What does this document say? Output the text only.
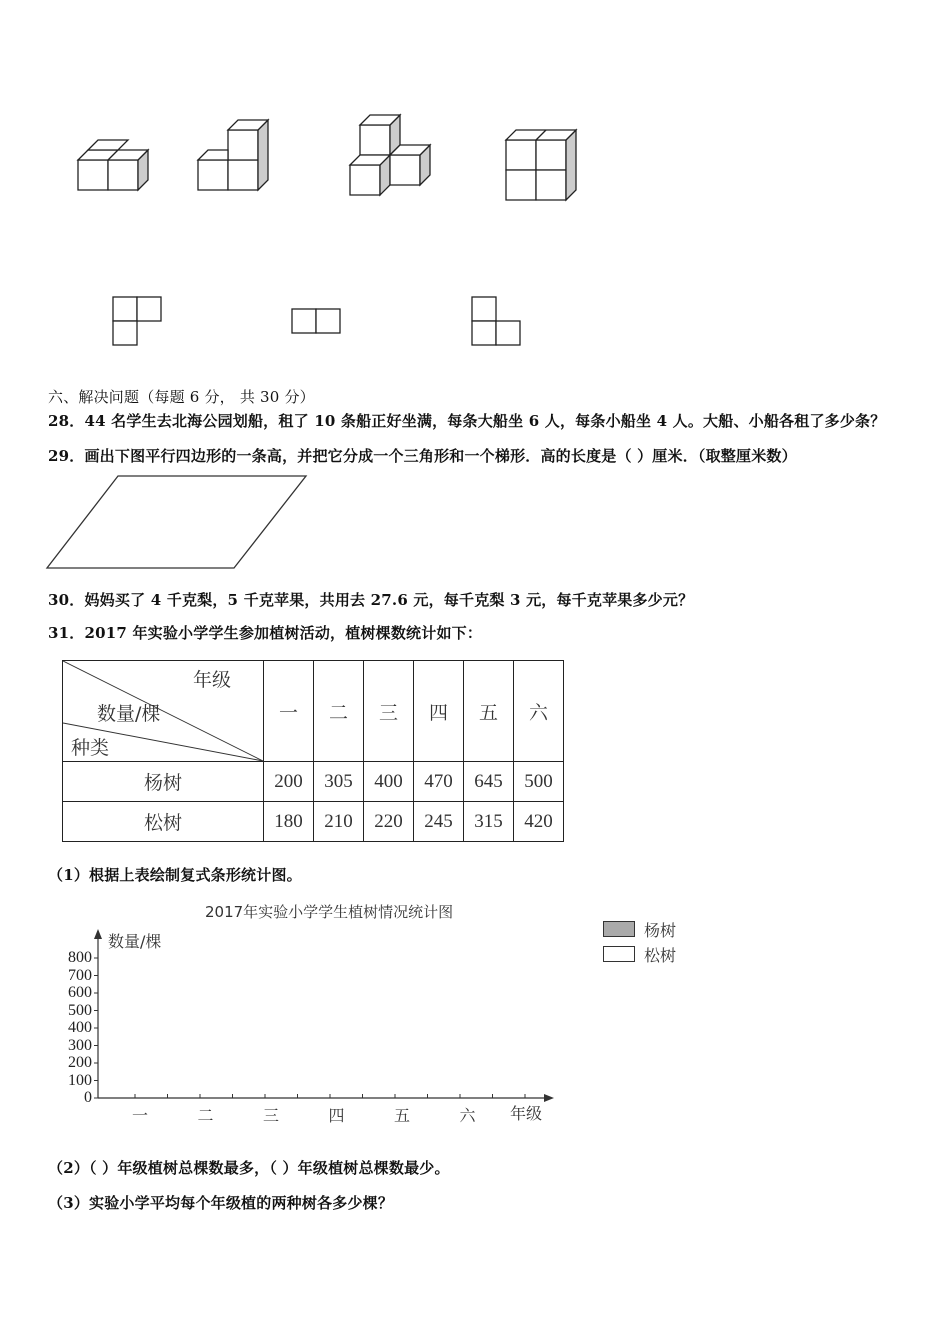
六、解决问题（每题 6 分， 共 30 分）
28．44 名学生去北海公园划船，租了 10 条船正好坐满，每条大船坐 6 人，每条小船坐 4 人。大船、小船各租了多少条？
29．画出下图平行四边形的一条高，并把它分成一个三角形和一个梯形．高的长度是（ ）厘米．（取整厘米数）
30．妈妈买了 4 千克梨，5 千克苹果，共用去 27.6 元，每千克梨 3 元，每千克苹果多少元？
31．2017 年实验小学学生参加植树活动，植树棵数统计如下：
年级
数量/棵
种类	一	二	三	四	五	六
杨树	200	305	400	470	645	500
松树	180	210	220	245	315	420
（1）根据上表绘制复式条形统计图。
2017年实验小学学生植树情况统计图
0
100
200
300
400
500
600
700
800
一	二	三	四	五	六
数量/棵
年级
杨树
松树
（2）（ ）年级植树总棵数最多，（ ）年级植树总棵数最少。
（3）实验小学平均每个年级植的两种树各多少棵？
